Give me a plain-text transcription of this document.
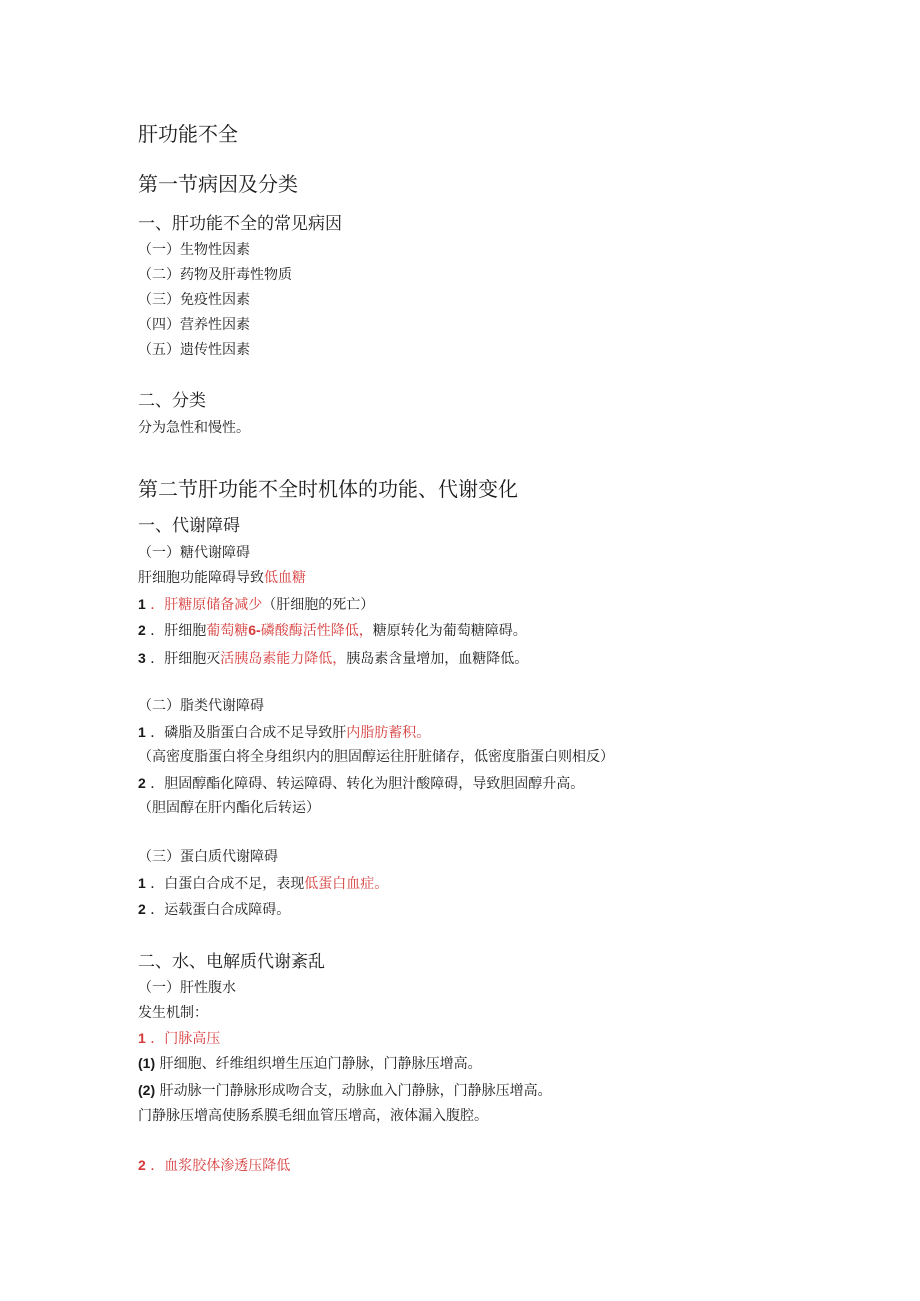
肝功能不全
第一节病因及分类
一、肝功能不全的常见病因
（一）生物性因素
（二）药物及肝毒性物质
（三）免疫性因素
（四）营养性因素
（五）遗传性因素
二、分类
分为急性和慢性。
第二节肝功能不全时机体的功能、代谢变化
一、代谢障碍
（一）糖代谢障碍
肝细胞功能障碍导致低血糖
1 ．肝糖原储备减少（肝细胞的死亡）
2 ．肝细胞葡萄糖6-磷酸酶活性降低，糖原转化为葡萄糖障碍。
3 ．肝细胞灭活胰岛素能力降低，胰岛素含量增加，血糖降低。
（二）脂类代谢障碍
1 ．磷脂及脂蛋白合成不足导致肝内脂肪蓄积。
（高密度脂蛋白将全身组织内的胆固醇运往肝脏储存，低密度脂蛋白则相反）
2 ．胆固醇酯化障碍、转运障碍、转化为胆汁酸障碍，导致胆固醇升高。
（胆固醇在肝内酯化后转运）
（三）蛋白质代谢障碍
1 ．白蛋白合成不足，表现低蛋白血症。
2 ．运载蛋白合成障碍。
二、水、电解质代谢紊乱
（一）肝性腹水
发生机制：
1 ．门脉高压
(1) 肝细胞、纤维组织增生压迫门静脉，门静脉压增高。
(2) 肝动脉一门静脉形成吻合支，动脉血入门静脉，门静脉压增高。
门静脉压增高使肠系膜毛细血管压增高，液体漏入腹腔。
2 ．血浆胶体渗透压降低
